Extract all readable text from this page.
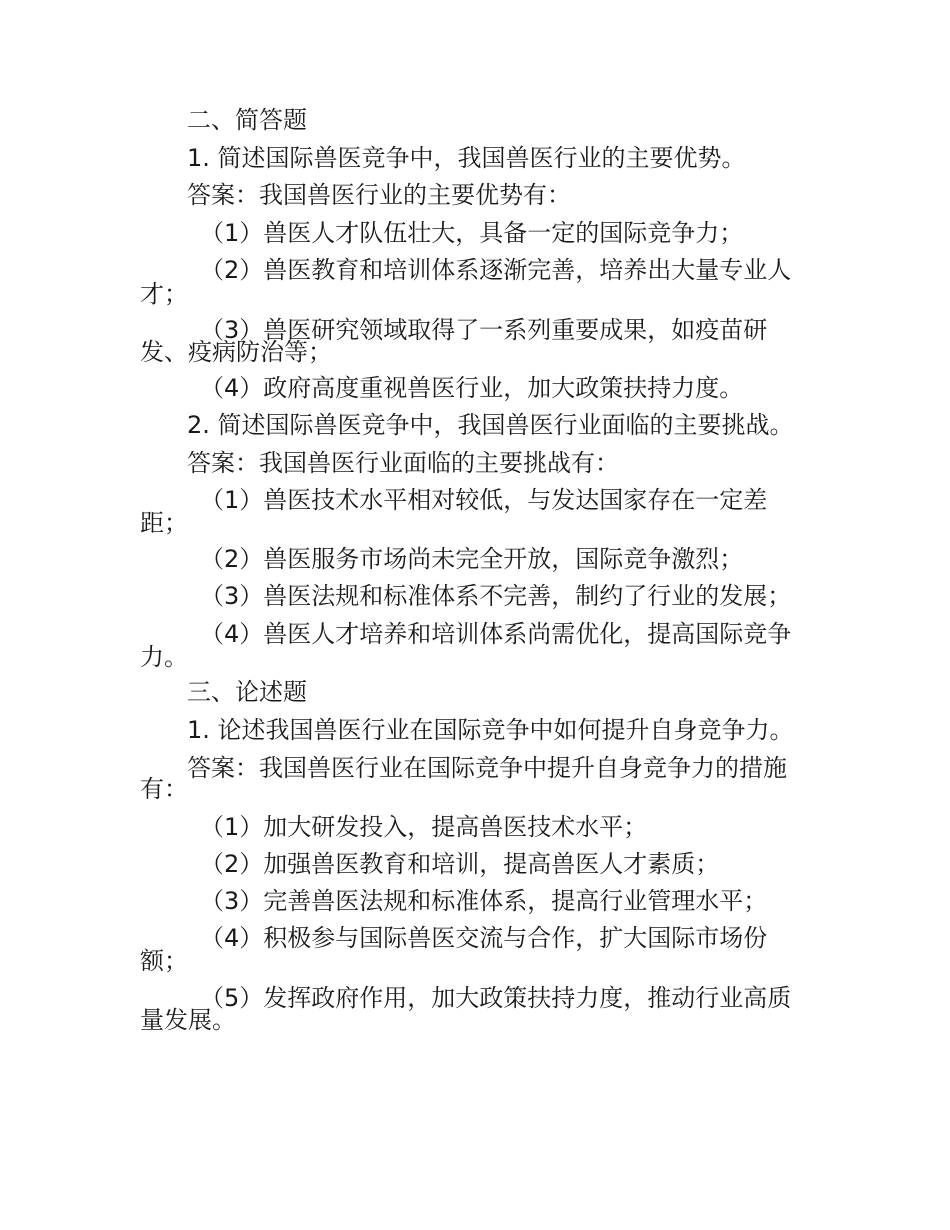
二、简答题
1. 简述国际兽医竞争中，我国兽医行业的主要优势。
答案：我国兽医行业的主要优势有：
（1）兽医人才队伍壮大，具备一定的国际竞争力；
（2）兽医教育和培训体系逐渐完善，培养出大量专业人
才；
（3）兽医研究领域取得了一系列重要成果，如疫苗研
发、疫病防治等；
（4）政府高度重视兽医行业，加大政策扶持力度。
2. 简述国际兽医竞争中，我国兽医行业面临的主要挑战。
答案：我国兽医行业面临的主要挑战有：
（1）兽医技术水平相对较低，与发达国家存在一定差
距；
（2）兽医服务市场尚未完全开放，国际竞争激烈；
（3）兽医法规和标准体系不完善，制约了行业的发展；
（4）兽医人才培养和培训体系尚需优化，提高国际竞争
力。
三、论述题
1. 论述我国兽医行业在国际竞争中如何提升自身竞争力。
答案：我国兽医行业在国际竞争中提升自身竞争力的措施
有：
（1）加大研发投入，提高兽医技术水平；
（2）加强兽医教育和培训，提高兽医人才素质；
（3）完善兽医法规和标准体系，提高行业管理水平；
（4）积极参与国际兽医交流与合作，扩大国际市场份
额；
（5）发挥政府作用，加大政策扶持力度，推动行业高质
量发展。
